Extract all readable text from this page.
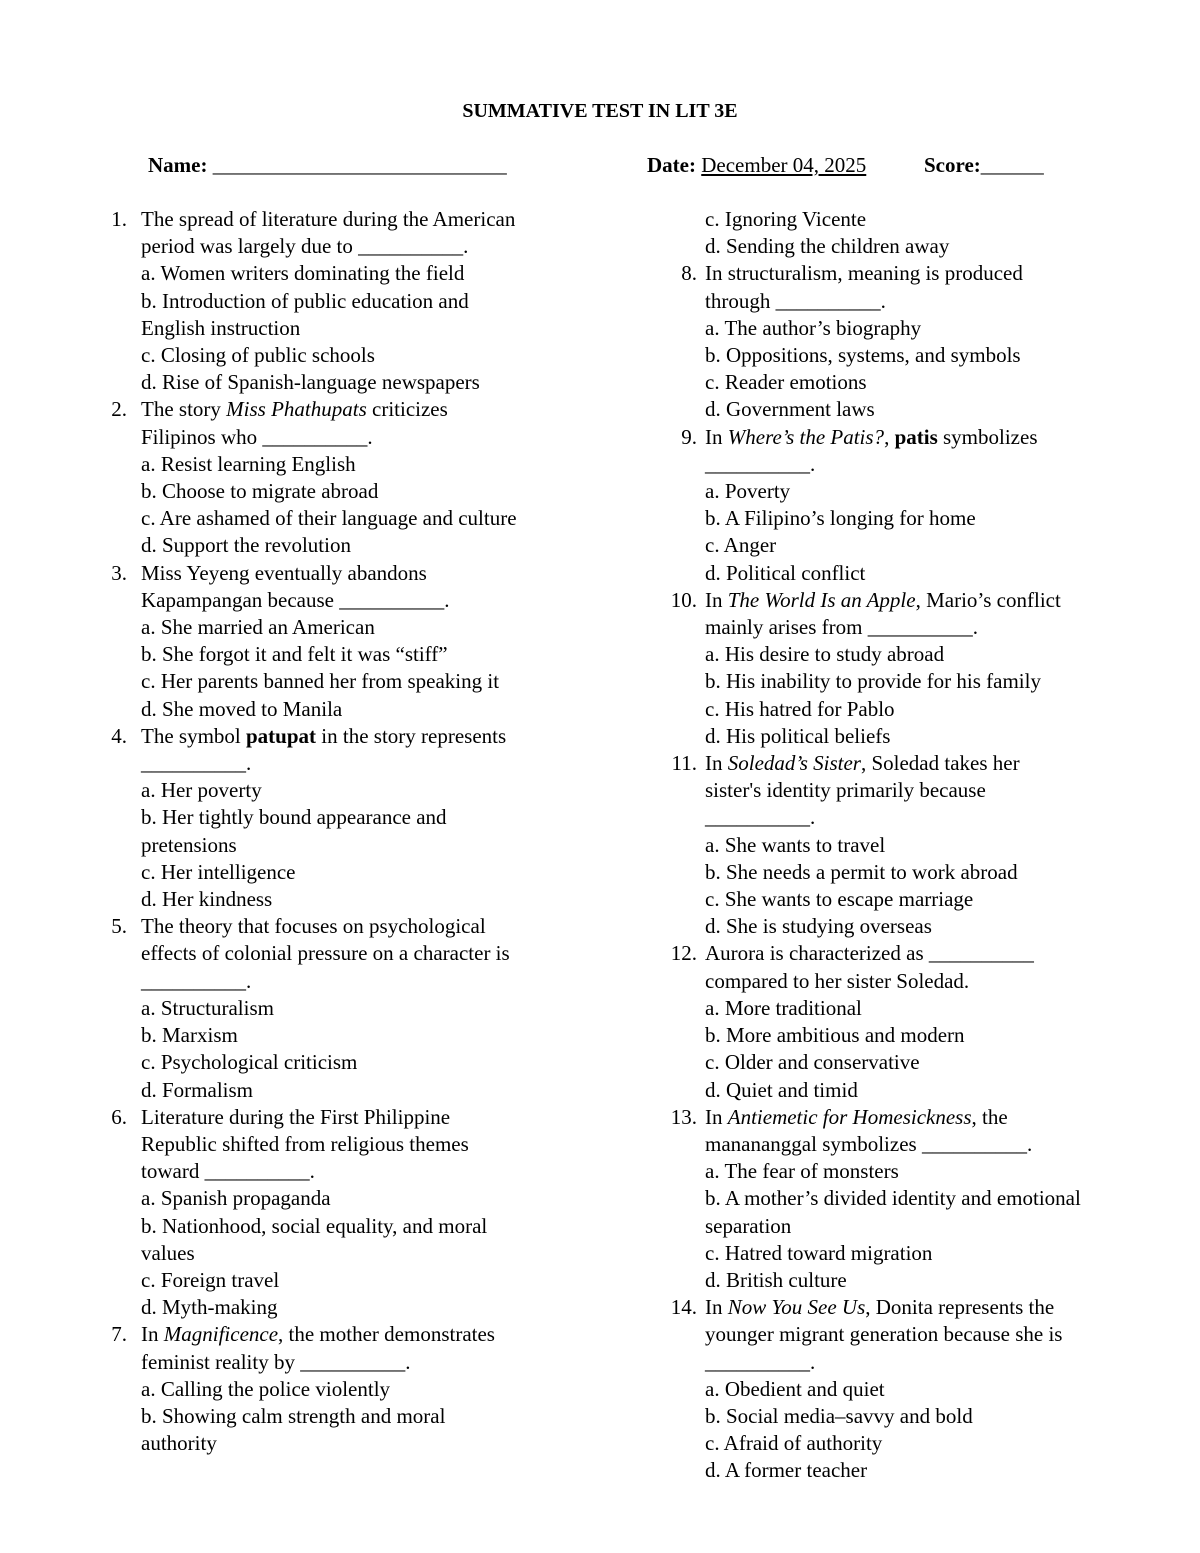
SUMMATIVE TEST IN LIT 3E
Name: ____________________________	Date: December 04, 2025	Score:______
1. The spread of literature during the American
period was largely due to __________.
a. Women writers dominating the field
b. Introduction of public education and
English instruction
c. Closing of public schools
d. Rise of Spanish-language newspapers
2. The story Miss Phathupats criticizes
Filipinos who __________.
a. Resist learning English
b. Choose to migrate abroad
c. Are ashamed of their language and culture
d. Support the revolution
3. Miss Yeyeng eventually abandons
Kapampangan because __________.
a. She married an American
b. She forgot it and felt it was “stiff”
c. Her parents banned her from speaking it
d. She moved to Manila
4. The symbol patupat in the story represents
__________.
a. Her poverty
b. Her tightly bound appearance and
pretensions
c. Her intelligence
d. Her kindness
5. The theory that focuses on psychological
effects of colonial pressure on a character is
__________.
a. Structuralism
b. Marxism
c. Psychological criticism
d. Formalism
6. Literature during the First Philippine
Republic shifted from religious themes
toward __________.
a. Spanish propaganda
b. Nationhood, social equality, and moral
values
c. Foreign travel
d. Myth-making
7. In Magnificence, the mother demonstrates
feminist reality by __________.
a. Calling the police violently
b. Showing calm strength and moral
authority
c. Ignoring Vicente
d. Sending the children away
8. In structuralism, meaning is produced
through __________.
a. The author’s biography
b. Oppositions, systems, and symbols
c. Reader emotions
d. Government laws
9. In Where’s the Patis?, patis symbolizes
__________.
a. Poverty
b. A Filipino’s longing for home
c. Anger
d. Political conflict
10. In The World Is an Apple, Mario’s conflict
mainly arises from __________.
a. His desire to study abroad
b. His inability to provide for his family
c. His hatred for Pablo
d. His political beliefs
11. In Soledad’s Sister, Soledad takes her
sister's identity primarily because
__________.
a. She wants to travel
b. She needs a permit to work abroad
c. She wants to escape marriage
d. She is studying overseas
12. Aurora is characterized as __________
compared to her sister Soledad.
a. More traditional
b. More ambitious and modern
c. Older and conservative
d. Quiet and timid
13. In Antiemetic for Homesickness, the
manananggal symbolizes __________.
a. The fear of monsters
b. A mother’s divided identity and emotional
separation
c. Hatred toward migration
d. British culture
14. In Now You See Us, Donita represents the
younger migrant generation because she is
__________.
a. Obedient and quiet
b. Social media–savvy and bold
c. Afraid of authority
d. A former teacher
